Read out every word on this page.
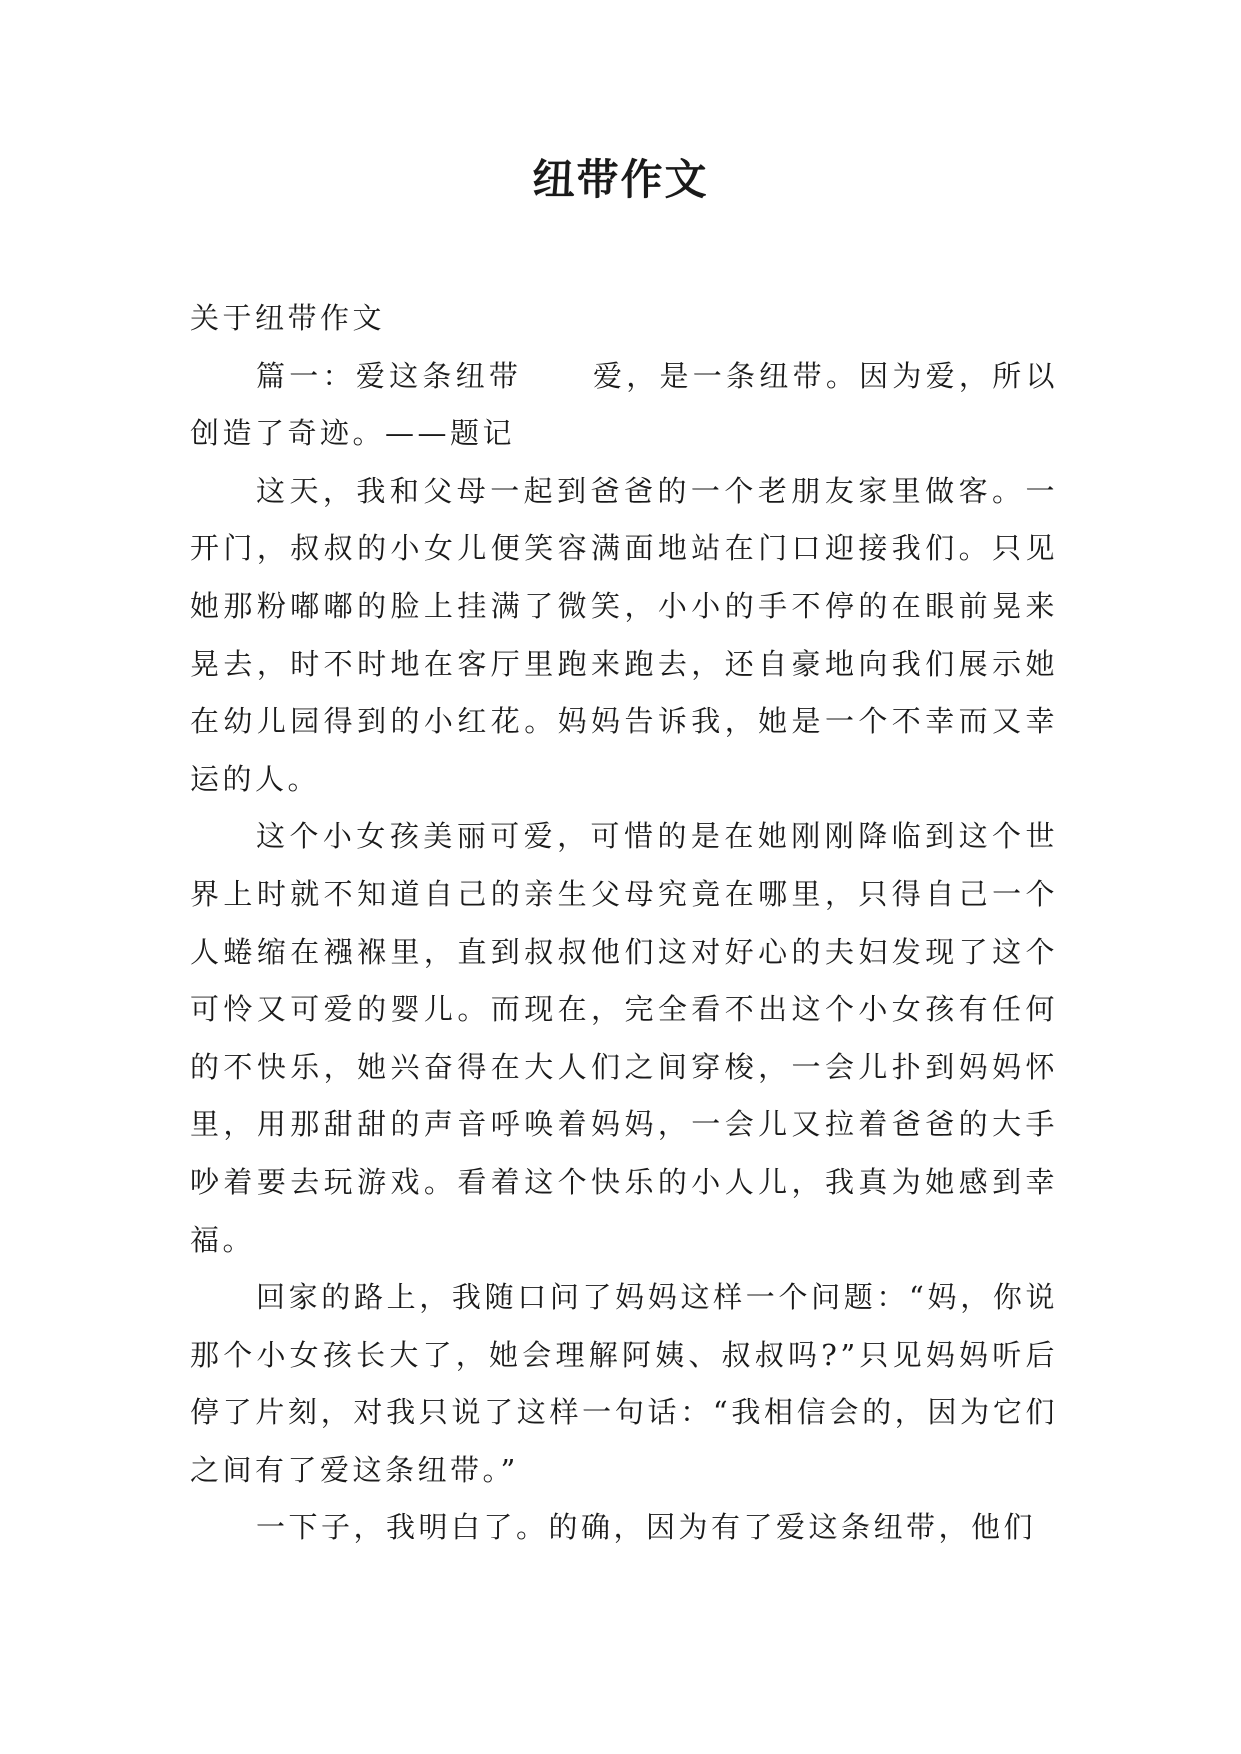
纽带作文

关于纽带作文

篇一：爱这条纽带 爱，是一条纽带。因为爱，所以创造了奇迹。——题记

这天，我和父母一起到爸爸的一个老朋友家里做客。一开门，叔叔的小女儿便笑容满面地站在门口迎接我们。只见她那粉嘟嘟的脸上挂满了微笑，小小的手不停的在眼前晃来晃去，时不时地在客厅里跑来跑去，还自豪地向我们展示她在幼儿园得到的小红花。妈妈告诉我，她是一个不幸而又幸运的人。

这个小女孩美丽可爱，可惜的是在她刚刚降临到这个世界上时就不知道自己的亲生父母究竟在哪里，只得自己一个人蜷缩在襁褓里，直到叔叔他们这对好心的夫妇发现了这个可怜又可爱的婴儿。而现在，完全看不出这个小女孩有任何的不快乐，她兴奋得在大人们之间穿梭，一会儿扑到妈妈怀里，用那甜甜的声音呼唤着妈妈，一会儿又拉着爸爸的大手吵着要去玩游戏。看着这个快乐的小人儿，我真为她感到幸福。

回家的路上，我随口问了妈妈这样一个问题：“妈，你说那个小女孩长大了，她会理解阿姨、叔叔吗?”只见妈妈听后停了片刻，对我只说了这样一句话：“我相信会的，因为它们之间有了爱这条纽带。”

一下子，我明白了。的确，因为有了爱这条纽带，他们
